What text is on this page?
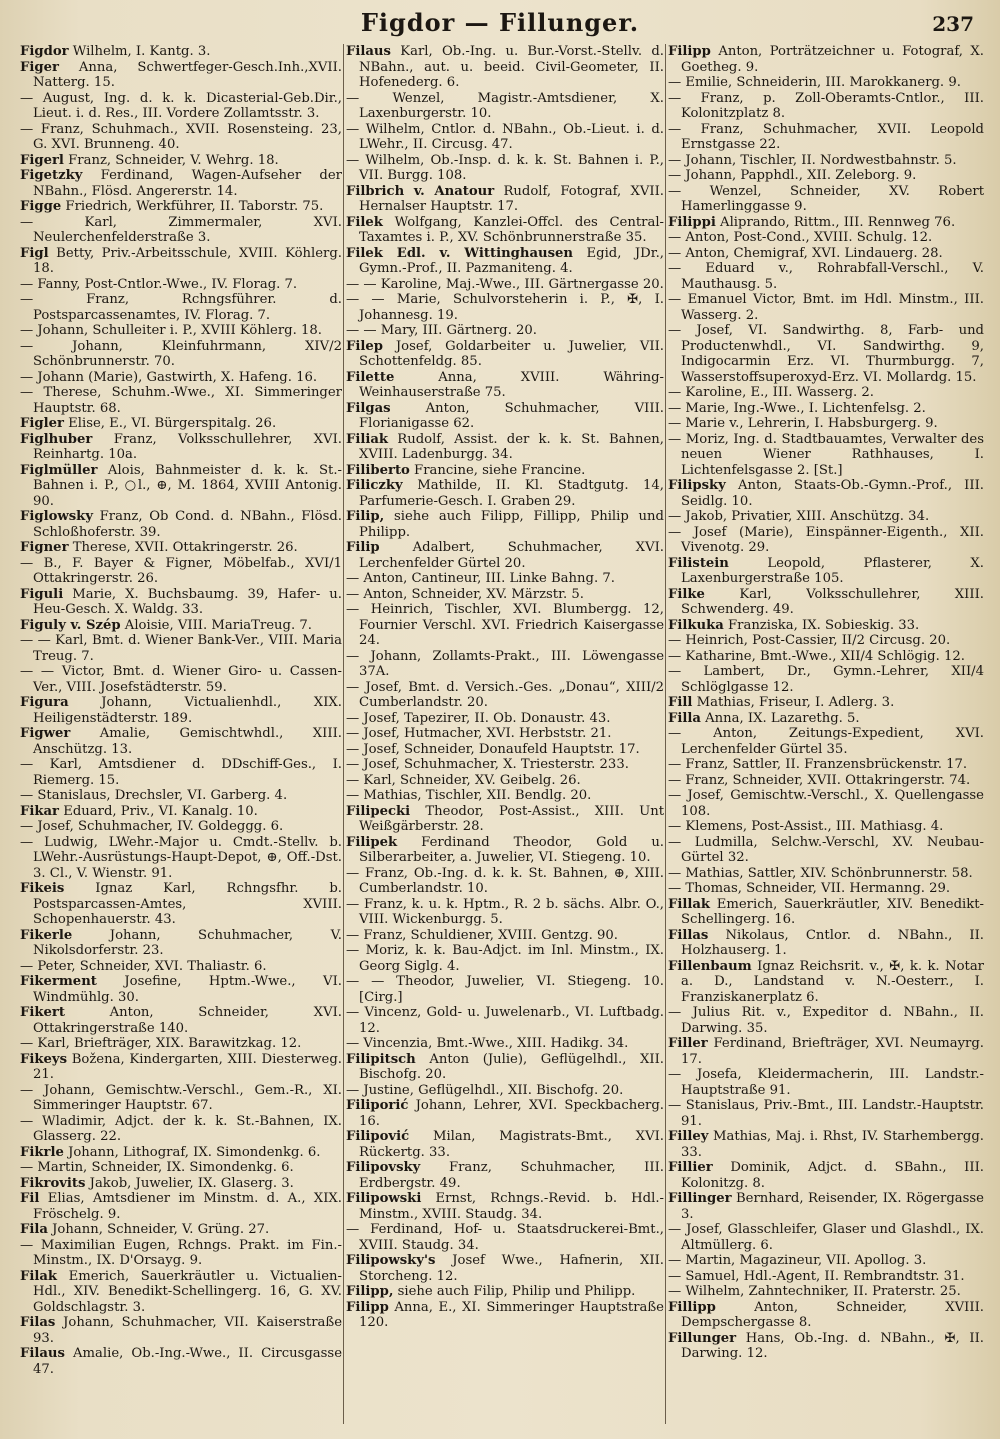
Figdor — Fillunger.	237

Figdor Wilhelm, I. Kantg. 3.

Figer Anna, Schwertfeger-Gesch.Inh.,XVII. Natterg. 15.

— August, Ing. d. k. k. Dicasterial-Geb.Dir., Lieut. i. d. Res., III. Vordere Zollamtsstr. 3.

— Franz, Schuhmach., XVII. Rosensteing. 23, G. XVI. Brunneng. 40.

Figerl Franz, Schneider, V. Wehrg. 18.

Figetzky Ferdinand, Wagen-Aufseher der NBahn., Flösd. Angererstr. 14.

Figge Friedrich, Werkführer, II. Taborstr. 75.

— Karl, Zimmermaler, XVI. Neulerchenfelderstraße 3.

Figl Betty, Priv.-Arbeitsschule, XVIII. Köhlerg. 18.

— Fanny, Post-Cntlor.-Wwe., IV. Florag. 7.

— Franz, Rchngsführer. d. Postsparcassenamtes, IV. Florag. 7.

— Johann, Schulleiter i. P., XVIII Köhlerg. 18.

— Johann, Kleinfuhrmann, XIV/2 Schönbrunnerstr. 70.

— Johann (Marie), Gastwirth, X. Hafeng. 16.

— Therese, Schuhm.-Wwe., XI. Simmeringer Hauptstr. 68.

Figler Elise, E., VI. Bürgerspitalg. 26.

Figlhuber Franz, Volksschullehrer, XVI. Reinhartg. 10a.

Figlmüller Alois, Bahnmeister d. k. k. St.-Bahnen i. P., ○l., ⊕, M. 1864, XVIII Antonig. 90.

Figlowsky Franz, Ob Cond. d. NBahn., Flösd. Schloßhoferstr. 39.

Figner Therese, XVII. Ottakringerstr. 26.

— B., F. Bayer & Figner, Möbelfab., XVI/1 Ottakringerstr. 26.

Figuli Marie, X. Buchsbaumg. 39, Hafer- u. Heu-Gesch. X. Waldg. 33.

Figuly v. Szép Aloisie, VIII. MariaTreug. 7.

— — Karl, Bmt. d. Wiener Bank-Ver., VIII. Maria Treug. 7.

— — Victor, Bmt. d. Wiener Giro- u. Cassen-Ver., VIII. Josefstädterstr. 59.

Figura Johann, Victualienhdl., XIX. Heiligenstädterstr. 189.

Figwer Amalie, Gemischtwhdl., XIII. Anschützg. 13.

— Karl, Amtsdiener d. DDschiff-Ges., I. Riemerg. 15.

— Stanislaus, Drechsler, VI. Garberg. 4.

Fikar Eduard, Priv., VI. Kanalg. 10.

— Josef, Schuhmacher, IV. Goldeggg. 6.

— Ludwig, LWehr.-Major u. Cmdt.-Stellv. b. LWehr.-Ausrüstungs-Haupt-Depot, ⊕, Off.-Dst. 3. Cl., V. Wienstr. 91.

Fikeis Ignaz Karl, Rchngsfhr. b. Postsparcassen-Amtes, XVIII. Schopenhauerstr. 43.

Fikerle	Johann, Schuhmacher, V. Nikolsdorferstr. 23.

— Peter, Schneider, XVI. Thaliastr. 6.

Fikerment Josefine, Hptm.-Wwe., VI. Windmühlg. 30.

Fikert	Anton, Schneider, XVI. Ottakringerstraße 140.

— Karl, Briefträger, XIX. Barawitzkag. 12.

Fikeys Božena, Kindergarten, XIII. Diesterweg. 21.

— Johann, Gemischtw.-Verschl., Gem.-R., XI. Simmeringer Hauptstr. 67.

— Wladimir, Adjct. der k. k. St.-Bahnen, IX. Glasserg. 22.

Fikrle Johann, Lithograf, IX. Simondenkg. 6.

— Martin, Schneider, IX. Simondenkg. 6.

Fikrovits Jakob, Juwelier, IX. Glaserg. 3.

Fil Elias, Amtsdiener im Minstm. d. A., XIX. Fröschelg. 9.

Fila Johann, Schneider, V. Grüng. 27.

— Maximilian Eugen, Rchngs. Prakt. im Fin.-Minstm., IX. D'Orsayg. 9.

Filak Emerich, Sauerkräutler u. Victualien-Hdl., XIV. Benedikt-Schellingerg. 16, G. XV. Goldschlagstr. 3.

Filas Johann, Schuhmacher, VII. Kaiserstraße 93.

Filaus Amalie, Ob.-Ing.-Wwe., II. Circusgasse 47.

Filaus Karl, Ob.-Ing. u. Bur.-Vorst.-Stellv. d. NBahn., aut. u. beeid. Civil-Geometer, II. Hofenederg. 6.

— Wenzel, Magistr.-Amtsdiener, X. Laxenburgerstr. 10.

— Wilhelm, Cntlor. d. NBahn., Ob.-Lieut. i. d. LWehr., II. Circusg. 47.

— Wilhelm, Ob.-Insp. d. k. k. St. Bahnen i. P., VII. Burgg. 108.

Filbrich v. Anatour Rudolf, Fotograf, XVII. Hernalser Hauptstr. 17.

Filek Wolfgang, Kanzlei-Offcl. des Central-Taxamtes i. P., XV. Schönbrunnerstraße 35.

Filek Edl. v. Wittinghausen Egid, JDr., Gymn.-Prof., II. Pazmaniteng. 4.

— — Karoline, Maj.-Wwe., III. Gärtnergasse 20.

— — Marie, Schulvorsteherin i. P., ✠, I. Johannesg. 19.

— — Mary, III. Gärtnerg. 20.

Filep Josef, Goldarbeiter u. Juwelier, VII. Schottenfeldg. 85.

Filette	Anna, XVIII. Währing-Weinhauserstraße 75.

Filgas	Anton, Schuhmacher, VIII. Florianigasse 62.

Filiak Rudolf, Assist. der k. k. St. Bahnen, XVIII. Ladenburgg. 34.

Filiberto Francine, siehe Francine.

Filiczky Mathilde, II. Kl. Stadtgutg. 14, Parfumerie-Gesch. I. Graben 29.

Filip, siehe auch Filipp, Fillipp, Philip und Philipp.

Filip	Adalbert, Schuhmacher, XVI. Lerchenfelder Gürtel 20.

— Anton, Cantineur, III. Linke Bahng. 7.

— Anton, Schneider, XV. Märzstr. 5.

— Heinrich, Tischler, XVI. Blumbergg. 12, Fournier Verschl. XVI. Friedrich Kaisergasse 24.

— Johann, Zollamts-Prakt., III. Löwengasse 37A.

— Josef, Bmt. d. Versich.-Ges. „Donau“, XIII/2 Cumberlandstr. 20.

— Josef, Tapezirer, II. Ob. Donaustr. 43.

— Josef, Hutmacher, XVI. Herbststr. 21.

— Josef, Schneider, Donaufeld Hauptstr. 17.

— Josef, Schuhmacher, X. Triesterstr. 233.

— Karl, Schneider, XV. Geibelg. 26.

— Mathias, Tischler, XII. Bendlg. 20.

Filipecki Theodor, Post-Assist., XIII. Unt Weißgärberstr. 28.

Filipek Ferdinand Theodor, Gold u. Silberarbeiter, a. Juwelier, VI. Stiegeng. 10.

— Franz, Ob.-Ing. d. k. k. St. Bahnen, ⊕, XIII. Cumberlandstr. 10.

— Franz, k. u. k. Hptm., R. 2 b. sächs. Albr. O., VIII. Wickenburgg. 5.

— Franz, Schuldiener, XVIII. Gentzg. 90.

— Moriz, k. k. Bau-Adjct. im Inl. Minstm., IX. Georg Siglg. 4.

— — Theodor, Juwelier, VI. Stiegeng. 10. [Cirg.]

— Vincenz, Gold- u. Juwelenarb., VI. Luftbadg. 12.

— Vincenzia, Bmt.-Wwe., XIII. Hadikg. 34.

Filipitsch Anton (Julie), Geflügelhdl., XII. Bischofg. 20.

— Justine, Geflügelhdl., XII. Bischofg. 20.

Filiporić Johann, Lehrer, XVI. Speckbacherg. 16.

Filipović Milan, Magistrats-Bmt., XVI. Rückertg. 33.

Filipovsky Franz, Schuhmacher, III. Erdbergstr. 49.

Filipowski Ernst, Rchngs.-Revid. b. Hdl.-Minstm., XVIII. Staudg. 34.

— Ferdinand, Hof- u. Staatsdruckerei-Bmt., XVIII. Staudg. 34.

Filipowsky's Josef Wwe., Hafnerin, XII. Storcheng. 12.

Filipp, siehe auch Filip, Philip und Philipp.

Filipp Anna, E., XI. Simmeringer Hauptstraße 120.

Filipp Anton, Porträtzeichner u. Fotograf, X. Goetheg. 9.

— Emilie, Schneiderin, III. Marokkanerg. 9.

— Franz, p. Zoll-Oberamts-Cntlor., III. Kolonitzplatz 8.

— Franz, Schuhmacher, XVII. Leopold Ernstgasse 22.

— Johann, Tischler, II. Nordwestbahnstr. 5.

— Johann, Papphdl., XII. Zeleborg. 9.

— Wenzel, Schneider, XV. Robert Hamerlinggasse 9.

Filippi Aliprando, Rittm., III. Rennweg 76.

— Anton, Post-Cond., XVIII. Schulg. 12.

— Anton, Chemigraf, XVI. Lindauerg. 28.

— Eduard v., Rohrabfall-Verschl., V. Mauthausg. 5.

— Emanuel Victor, Bmt. im Hdl. Minstm., III. Wasserg. 2.

— Josef, VI. Sandwirthg. 8, Farb- und Productenwhdl., VI. Sandwirthg. 9, Indigocarmin Erz. VI. Thurmburgg. 7, Wasserstoffsuperoxyd-Erz. VI. Mollardg. 15.

— Karoline, E., III. Wasserg. 2.

— Marie, Ing.-Wwe., I. Lichtenfelsg. 2.

— Marie v., Lehrerin, I. Habsburgerg. 9.

— Moriz, Ing. d. Stadtbauamtes, Verwalter des neuen Wiener Rathhauses, I. Lichtenfelsgasse 2. [St.]

Filipsky Anton, Staats-Ob.-Gymn.-Prof., III. Seidlg. 10.

— Jakob, Privatier, XIII. Anschützg. 34.

— Josef (Marie), Einspänner-Eigenth., XII. Vivenotg. 29.

Filistein	Leopold, Pflasterer, X. Laxenburgerstraße 105.

Filke	Karl, Volksschullehrer, XIII. Schwenderg. 49.

Filkuka Franziska, IX. Sobieskig. 33.

— Heinrich, Post-Cassier, II/2 Circusg. 20.

— Katharine, Bmt.-Wwe., XII/4 Schlögig. 12.

— Lambert, Dr., Gymn.-Lehrer, XII/4 Schlöglgasse 12.

Fill Mathias, Friseur, I. Adlerg. 3.

Filla Anna, IX. Lazarethg. 5.

— Anton, Zeitungs-Expedient, XVI. Lerchenfelder Gürtel 35.

— Franz, Sattler, II. Franzensbrückenstr. 17.

— Franz, Schneider, XVII. Ottakringerstr. 74.

— Josef, Gemischtw.-Verschl., X. Quellengasse 108.

— Klemens, Post-Assist., III. Mathiasg. 4.

— Ludmilla, Selchw.-Verschl, XV. Neubau-Gürtel 32.

— Mathias, Sattler, XIV. Schönbrunnerstr. 58.

— Thomas, Schneider, VII. Hermanng. 29.

Fillak Emerich, Sauerkräutler, XIV. Benedikt-Schellingerg. 16.

Fillas Nikolaus, Cntlor. d. NBahn., II. Holzhauserg. 1.

Fillenbaum Ignaz Reichsrit. v., ✠, k. k. Notar a. D., Landstand v. N.-Oesterr., I. Franziskanerplatz 6.

— Julius Rit. v., Expeditor d. NBahn., II. Darwing. 35.

Filler Ferdinand, Briefträger, XVI. Neumayrg. 17.

— Josefa, Kleidermacherin, III. Landstr.-Hauptstraße 91.

— Stanislaus, Priv.-Bmt., III. Landstr.-Hauptstr. 91.

Filley Mathias, Maj. i. Rhst, IV. Starhembergg. 33.

Fillier Dominik, Adjct. d. SBahn., III. Kolonitzg. 8.

Fillinger Bernhard, Reisender, IX. Rögergasse 3.

— Josef, Glasschleifer, Glaser und Glashdl., IX. Altmüllerg. 6.

— Martin, Magazineur, VII. Apollog. 3.

— Samuel, Hdl.-Agent, II. Rembrandtstr. 31.

— Wilhelm, Zahntechniker, II. Praterstr. 25.

Fillipp	Anton, Schneider, XVIII. Dempschergasse 8.

Fillunger Hans, Ob.-Ing. d. NBahn., ✠, II. Darwing. 12.
